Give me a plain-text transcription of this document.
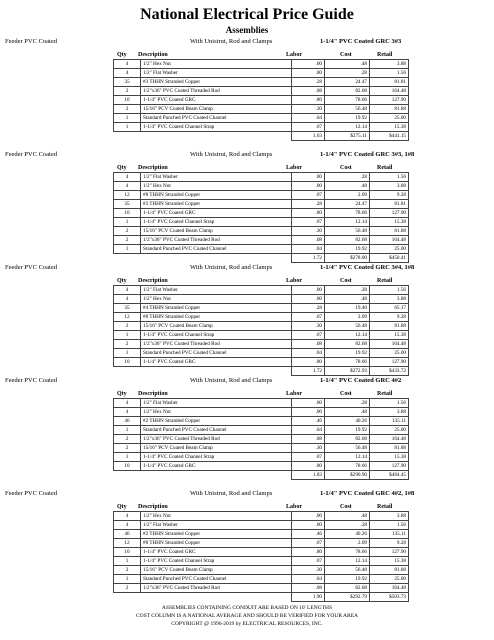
National Electrical Price Guide
Assemblies
Feeder PVC Coated	With Unistrut, Rod and Clamps	1-1/4" PVC Coated GRC 3#3
Qty Description	Labor	Cost	Retail
4	1/2" Hex Nut	.00	.48	3.88
4	1/2" Flat Washer	.00	.28	1.56
35	#3 THHN Stranded Copper	.28	24.47	81.81
2	1/2"x36" PVC Coated Threaded Rod	.08	82.68	164.48
10	1-1/4" PVC Coated GRC	.80	78.66	127.90
2	15/16" PCV Coated Beam Clamp	.30	56.48	81.88
1	Standard Punched PVC Coated Channel	.04	19.92	25.00
1	1-1/4" PVC Coated Channel Strap	.07	12.14	15.38
		1.63	$275.11	$441.15
Feeder PVC Coated	With Unistrut, Rod and Clamps	1-1/4" PVC Coated GRC 3#3, 1#8
Qty Description	Labor	Cost	Retail
4	1/2" Flat Washer	.00	.28	1.56
4	1/2" Hex Nut	.00	.48	3.88
12	#8 THHN Stranded Copper	.07	2.09	9.28
35	#3 THHN Stranded Copper	.28	24.47	81.81
10	1-1/4" PVC Coated GRC	.80	78.66	127.90
1	1-1/4" PVC Coated Channel Strap	.07	12.14	15.38
2	15/16" PCV Coated Beam Clamp	.30	56.48	81.88
2	1/2"x36" PVC Coated Threaded Rod	.08	82.68	164.48
1	Standard Punched PVC Coated Channel	.04	19.92	25.00
		1.72	$278.00	$450.41
Feeder PVC Coated	With Unistrut, Rod and Clamps	1-1/4" PVC Coated GRC 3#4, 1#8
Qty Description	Labor	Cost	Retail
4	1/2" Flat Washer	.00	.28	1.56
4	1/2" Hex Nut	.00	.48	3.88
35	#4 THHN Stranded Copper	.28	19.40	65.17
12	#8 THHN Stranded Copper	.07	2.09	9.28
2	15/16" PCV Coated Beam Clamp	.30	56.48	81.88
1	1-1/4" PVC Coated Channel Strap	.07	12.14	15.38
2	1/2"x36" PVC Coated Threaded Rod	.08	82.68	164.48
1	Standard Punched PVC Coated Channel	.04	19.92	25.00
10	1-1/4" PVC Coated GRC	.80	78.66	127.90
		1.72	$272.93	$433.72
Feeder PVC Coated	With Unistrut, Rod and Clamps	1-1/4" PVC Coated GRC 4#2
Qty Description	Labor	Cost	Retail
4	1/2" Flat Washer	.00	.28	1.56
4	1/2" Hex Nut	.00	.48	3.88
46	#2 THHN Stranded Copper	.46	40.26	135.11
1	Standard Punched PVC Coated Channel	.04	19.92	25.00
2	1/2"x36" PVC Coated Threaded Rod	.08	82.68	164.48
2	15/16" PCV Coated Beam Clamp	.30	56.48	81.88
1	1-1/4" PVC Coated Channel Strap	.07	12.14	15.38
10	1-1/4" PVC Coated GRC	.80	78.66	127.90
		1.83	$290.90	$484.45
Feeder PVC Coated	With Unistrut, Rod and Clamps	1-1/4" PVC Coated GRC 4#2, 1#8
Qty Description	Labor	Cost	Retail
4	1/2" Hex Nut	.00	.48	3.88
4	1/2" Flat Washer	.00	.28	1.56
46	#2 THHN Stranded Copper	.46	40.26	135.11
12	#8 THHN Stranded Copper	.07	2.09	9.28
10	1-1/4" PVC Coated GRC	.80	78.66	127.90
1	1-1/4" PVC Coated Channel Strap	.07	12.14	15.38
2	15/16" PCV Coated Beam Clamp	.30	56.48	81.88
1	Standard Punched PVC Coated Channel	.04	19.92	25.00
2	1/2"x36" PVC Coated Threaded Rod	.08	82.68	164.48
		1.90	$292.79	$503.73
ASSEMBLIES CONTAINING CONDUIT ARE BASED ON 10' LENGTHS
COST COLUMN IS A NATIONAL AVERAGE AND SHOULD BE VERIFIED FOR YOUR AREA
COPYRIGHT @ 1996-2019 by ELECTRICAL RESOURCES, INC.
